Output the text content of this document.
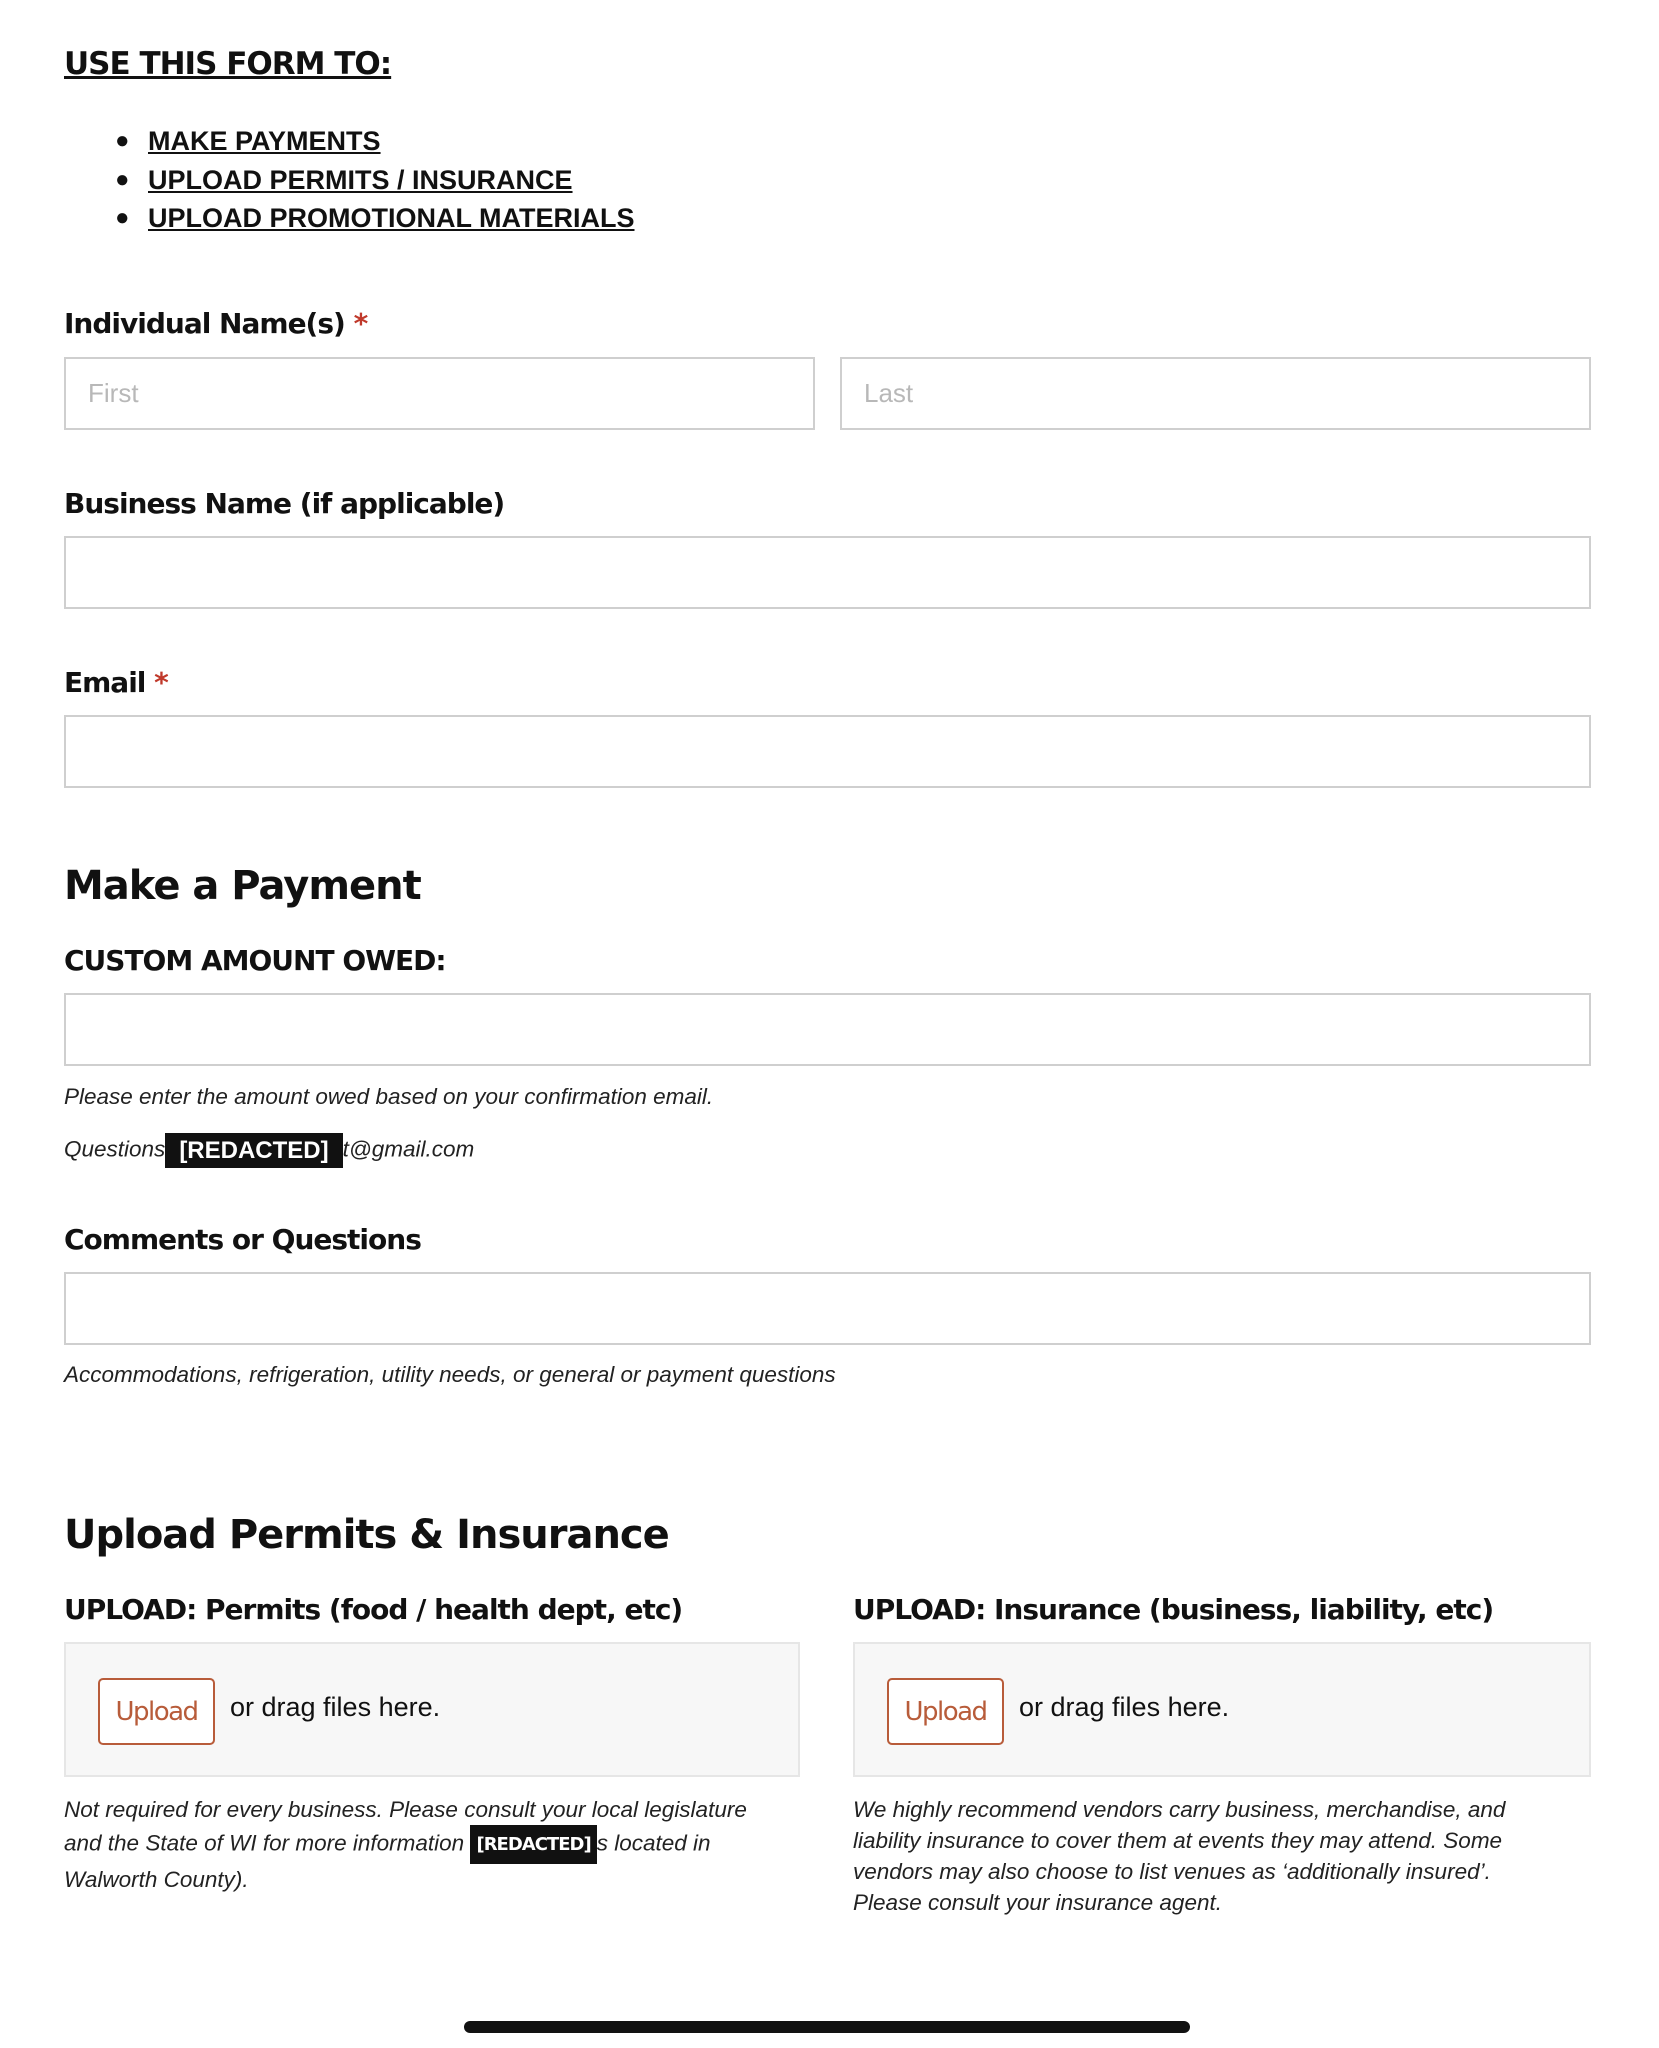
USE THIS FORM TO:
● MAKE PAYMENTS
● UPLOAD PERMITS / INSURANCE
● UPLOAD PROMOTIONAL MATERIALS
Individual Name(s) *
First
Last
Business Name (if applicable)
Email *
Make a Payment
CUSTOM AMOUNT OWED:
Please enter the amount owed based on your confirmation email.
Questions [REDACTED] t@gmail.com
Comments or Questions
Accommodations, refrigeration, utility needs, or general or payment questions
Upload Permits & Insurance
UPLOAD: Permits (food / health dept, etc)
Upload	or drag files here.
Not required for every business. Please consult your local legislature
and the State of WI for more information [REDACTED] s located in
Walworth County).
UPLOAD: Insurance (business, liability, etc)
Upload	or drag files here.
We highly recommend vendors carry business, merchandise, and
liability insurance to cover them at events they may attend. Some
vendors may also choose to list venues as ‘additionally insured’.
Please consult your insurance agent.
